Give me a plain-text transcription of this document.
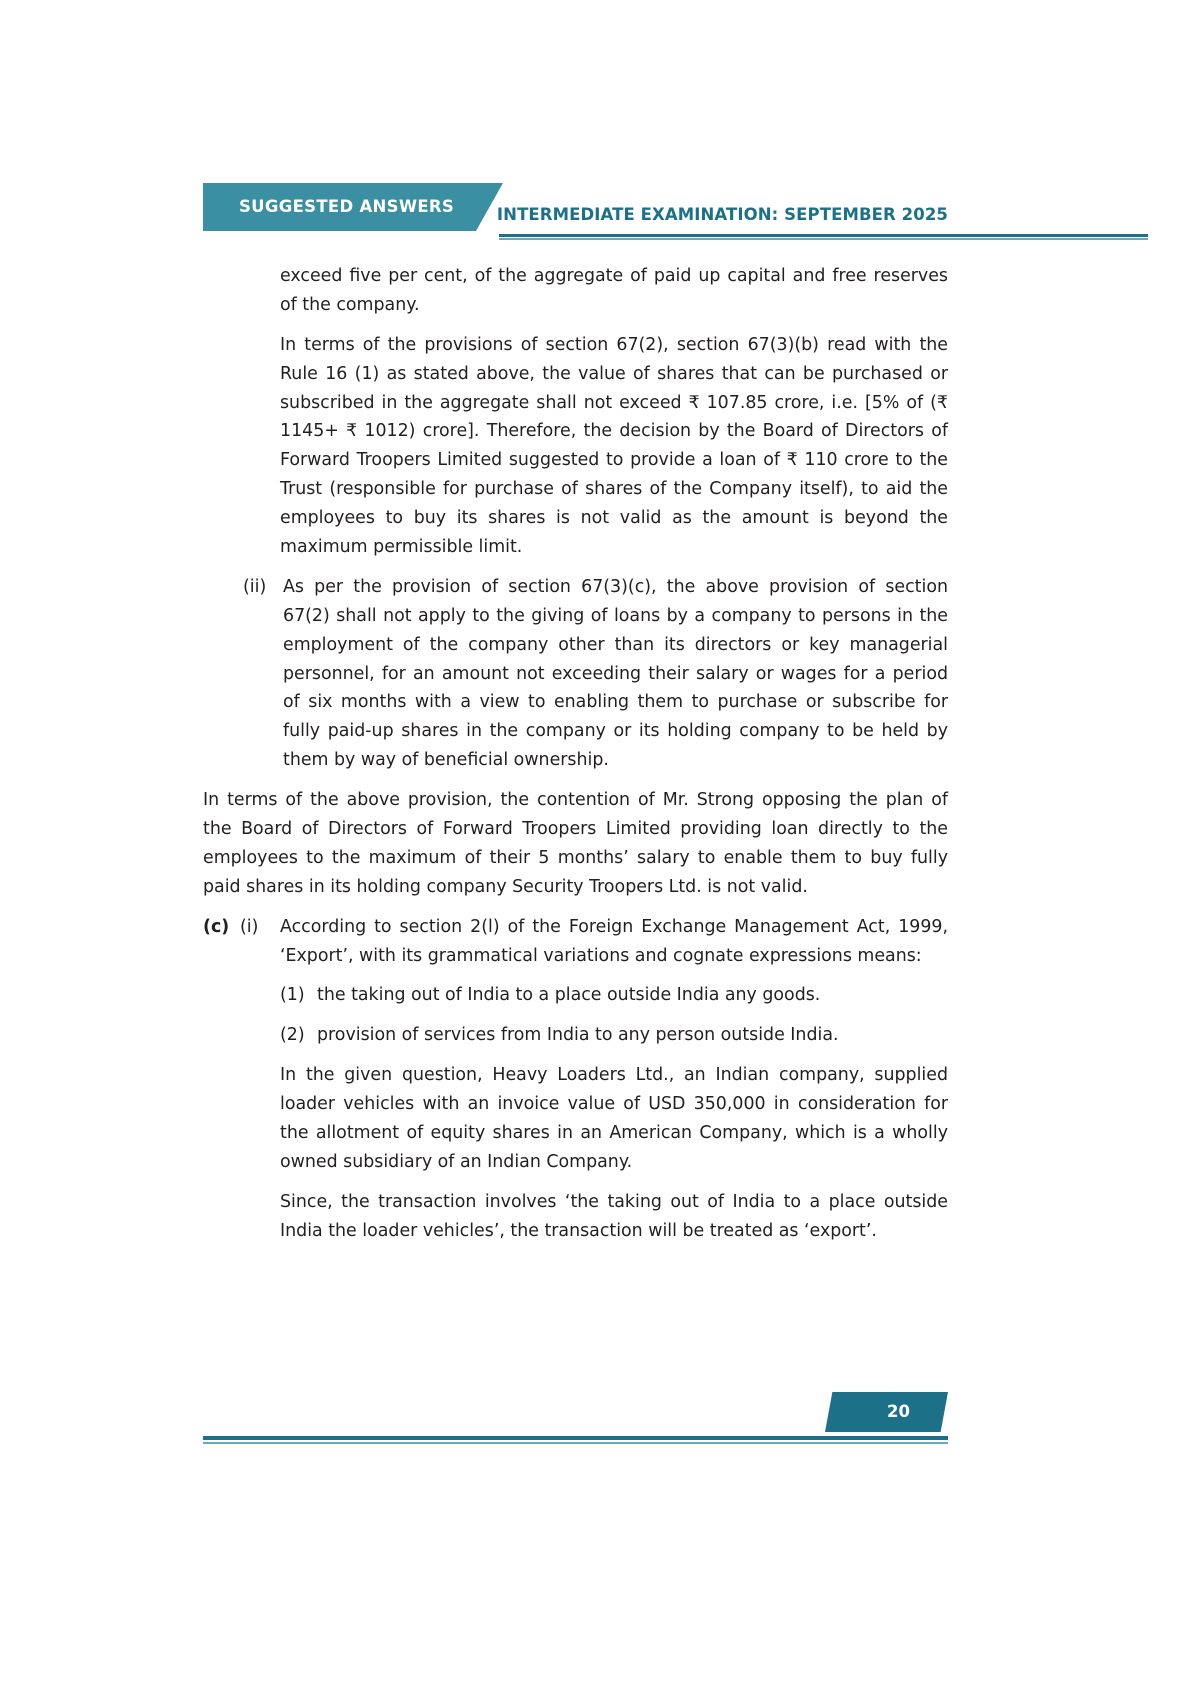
SUGGESTED ANSWERS	INTERMEDIATE EXAMINATION: SEPTEMBER 2025

exceed five per cent, of the aggregate of paid up capital and free reserves of the company.

In terms of the provisions of section 67(2), section 67(3)(b) read with the Rule 16 (1) as stated above, the value of shares that can be purchased or subscribed in the aggregate shall not exceed ₹ 107.85 crore, i.e. [5% of (₹ 1145+ ₹ 1012) crore]. Therefore, the decision by the Board of Directors of Forward Troopers Limited suggested to provide a loan of ₹ 110 crore to the Trust (responsible for purchase of shares of the Company itself), to aid the employees to buy its shares is not valid as the amount is beyond the maximum permissible limit.

(ii) As per the provision of section 67(3)(c), the above provision of section 67(2) shall not apply to the giving of loans by a company to persons in the employment of the company other than its directors or key managerial personnel, for an amount not exceeding their salary or wages for a period of six months with a view to enabling them to purchase or subscribe for fully paid-up shares in the company or its holding company to be held by them by way of beneficial ownership.

In terms of the above provision, the contention of Mr. Strong opposing the plan of the Board of Directors of Forward Troopers Limited providing loan directly to the employees to the maximum of their 5 months’ salary to enable them to buy fully paid shares in its holding company Security Troopers Ltd. is not valid.

(c) (i)	According to section 2(l) of the Foreign Exchange Management Act, 1999, ‘Export’, with its grammatical variations and cognate expressions means:
(1) the taking out of India to a place outside India any goods.
(2) provision of services from India to any person outside India.

In the given question, Heavy Loaders Ltd., an Indian company, supplied loader vehicles with an invoice value of USD 350,000 in consideration for the allotment of equity shares in an American Company, which is a wholly owned subsidiary of an Indian Company.

Since, the transaction involves ‘the taking out of India to a place outside India the loader vehicles’, the transaction will be treated as ‘export’.

20
